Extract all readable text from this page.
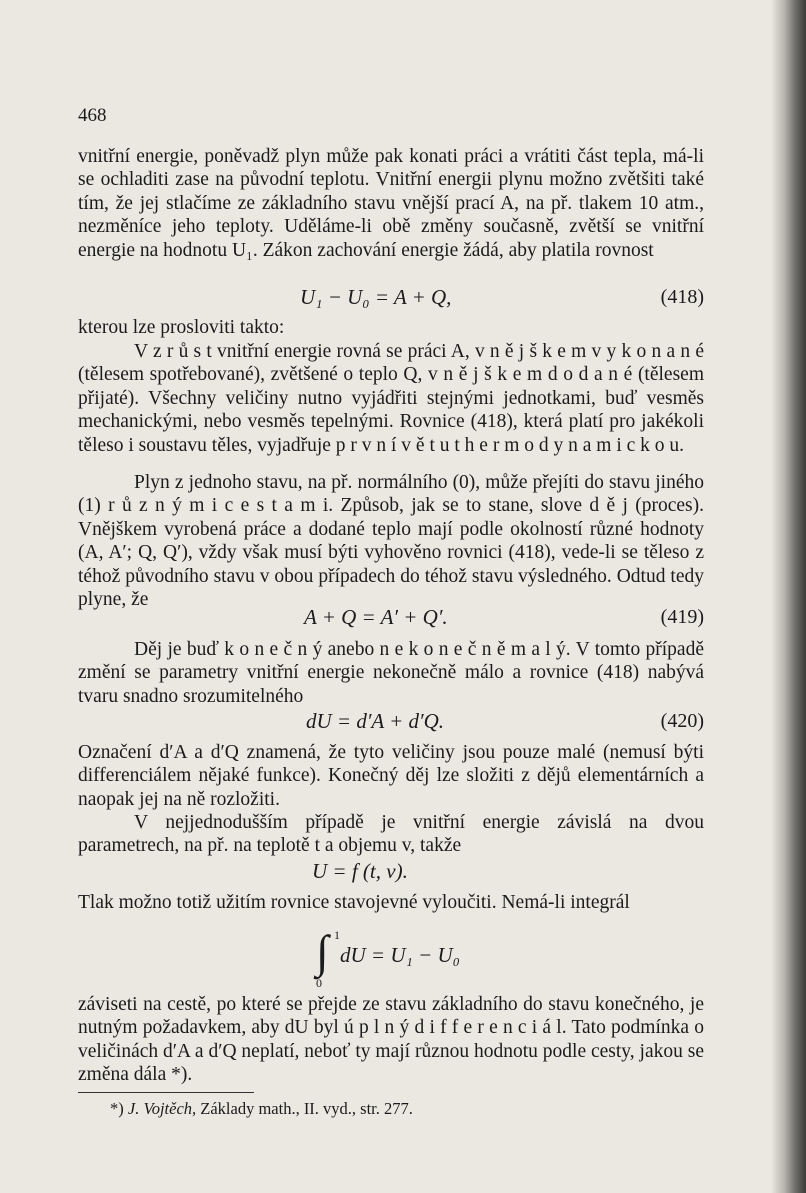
468

vnitřní energie, poněvadž plyn může pak konati práci a vrátiti část tepla, má-li se ochladiti zase na původní teplotu. Vnitřní energii plynu možno zvětšiti také tím, že jej stlačíme ze základního stavu vnější prací A, na př. tlakem 10 atm., nezměníce jeho teploty. Uděláme-li obě změny současně, zvětší se vnitřní energie na hodnotu U₁. Zákon zachování energie žádá, aby platila rovnost

U₁ − U₀ = A + Q,	(418)

kterou lze prosloviti takto:

V z r ů s t vnitřní energie rovná se práci A, v n ě j š k e m v y k o n a n é (tělesem spotřebované), zvětšené o teplo Q, v n ě j š k e m d o d a n é (tělesem přijaté). Všechny veličiny nutno vyjádřiti stejnými jednotkami, buď vesměs mechanickými, nebo vesměs tepelnými. Rovnice (418), která platí pro jakékoli těleso i soustavu těles, vyjadřuje p r v n í v ě t u t h e r m o d y n a m i c k o u.

Plyn z jednoho stavu, na př. normálního (0), může přejíti do stavu jiného (1) r ů z n ý m i c e s t a m i. Způsob, jak se to stane, slove d ě j (proces). Vnějškem vyrobená práce a dodané teplo mají podle okolností různé hodnoty (A, A′; Q, Q′), vždy však musí býti vyhověno rovnici (418), vede-li se těleso z téhož původního stavu v obou případech do téhož stavu výsledného. Odtud tedy plyne, že

A + Q = A′ + Q′.	(419)

Děj je buď k o n e č n ý anebo n e k o n e č n ě m a l ý. V tomto případě změní se parametry vnitřní energie nekonečně málo a rovnice (418) nabývá tvaru snadno srozumitelného

dU = d′A + d′Q.	(420)

Označení d′A a d′Q znamená, že tyto veličiny jsou pouze malé (nemusí býti differenciálem nějaké funkce). Konečný děj lze složiti z dějů elementárních a naopak jej na ně rozložiti.

V nejjednodušším případě je vnitřní energie závislá na dvou parametrech, na př. na teplotě t a objemu v, takže

U = f (t, v).

Tlak možno totiž užitím rovnice stavojevné vyloučiti. Nemá-li integrál

∫ 1
0
dU = U₁ − U₀

záviseti na cestě, po které se přejde ze stavu základního do stavu konečného, je nutným požadavkem, aby dU byl ú p l n ý d i f f e r e n c i á l. Tato podmínka o veličinách d′A a d′Q neplatí, neboť ty mají různou hodnotu podle cesty, jakou se změna dála *).

*) J. Vojtěch, Základy math., II. vyd., str. 277.
